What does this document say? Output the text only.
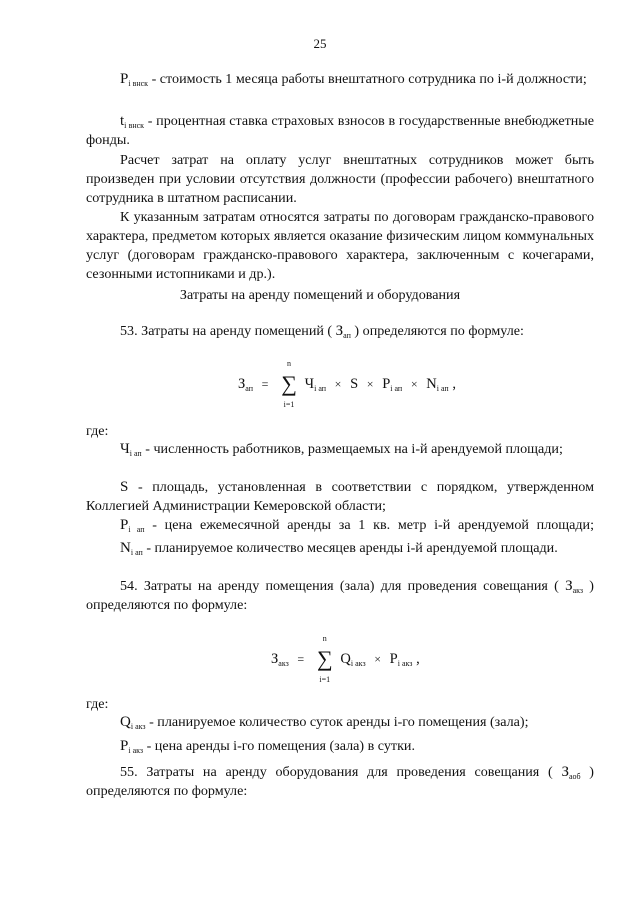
25

$P_{i внск}$ - стоимость 1 месяца работы внештатного сотрудника по i-й должности;

$t_{i внск}$ - процентная ставка страховых взносов в государственные внебюджетные фонды.

Расчет затрат на оплату услуг внештатных сотрудников может быть произведен при условии отсутствия должности (профессии рабочего) внештатного сотрудника в штатном расписании.

К указанным затратам относятся затраты по договорам гражданско-правового характера, предметом которых является оказание физическим лицом коммунальных услуг (договорам гражданско-правового характера, заключенным с кочегарами, сезонными истопниками и др.).

Затраты на аренду помещений и оборудования

53. Затраты на аренду помещений ( $З_{ап}$ ) определяются по формуле:

$З_{ап}$ = ∑
n
i=1
$Ч_{i ап} \times S \times P_{i ап} \times N_{i ап}$ ,

где:

$Ч_{i ап}$ - численность работников, размещаемых на i-й арендуемой площади;

S - площадь, установленная в соответствии с порядком, утвержденном Коллегией Администрации Кемеровской области;

$P_{i ап}$ - цена ежемесячной аренды за 1 кв. метр i-й арендуемой площади;

$N_{i ап}$ - планируемое количество месяцев аренды i-й арендуемой площади.

54. Затраты на аренду помещения (зала) для проведения совещания ( $З_{акз}$ ) определяются по формуле:

$З_{акз}$ = ∑
n
i=1
$Q_{i акз} \times P_{i акз}$ ,

где:

$Q_{i акз}$ - планируемое количество суток аренды i-го помещения (зала);

$P_{i акз}$ - цена аренды i-го помещения (зала) в сутки.

55. Затраты на аренду оборудования для проведения совещания ( $З_{аоб}$ ) определяются по формуле:
